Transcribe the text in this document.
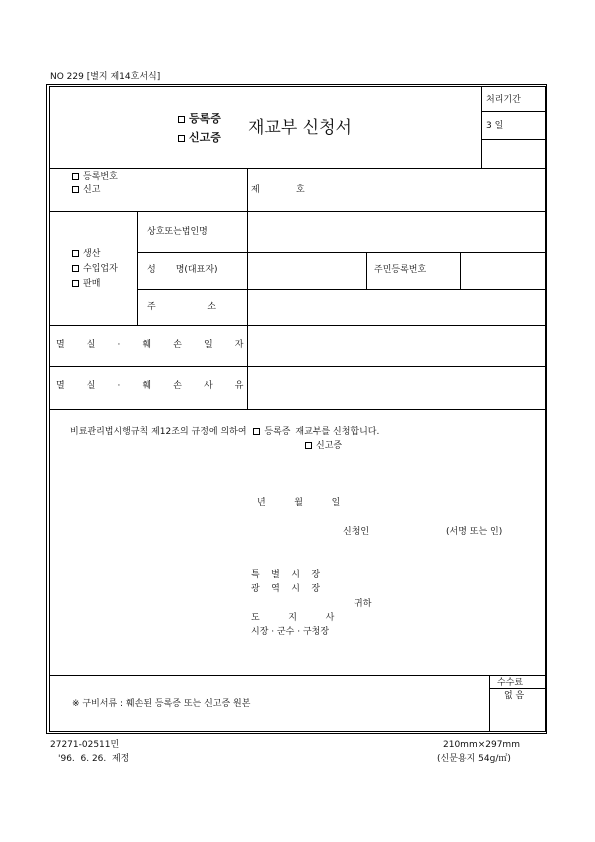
NO 229 [별지 제14호서식]
등록증
신고증 재교부 신청서
처리기간
3 일
등록번호
신고	제	호
생산
수입업자
판매
상호또는법인명
성       명(대표자)	주민등록번호
주                  소
멸 실 · 훼 손 일 자
멸 실 · 훼 손 사 유
비료관리법시행규칙 제12조의 규정에 의하여 등록증 재교부를 신청합니다.
신고증
년          월          일
신청인	(서명 또는 인)
특    별    시    장
광    역    시    장
귀하
도          지          사
시장 · 군수 · 구청장
수수료
없 음
※ 구비서류 : 훼손된 등록증 또는 신고증 원본
27271-02511민
'96.  6. 26.  제정
210mm×297mm
(신문용지 54g/㎡)
